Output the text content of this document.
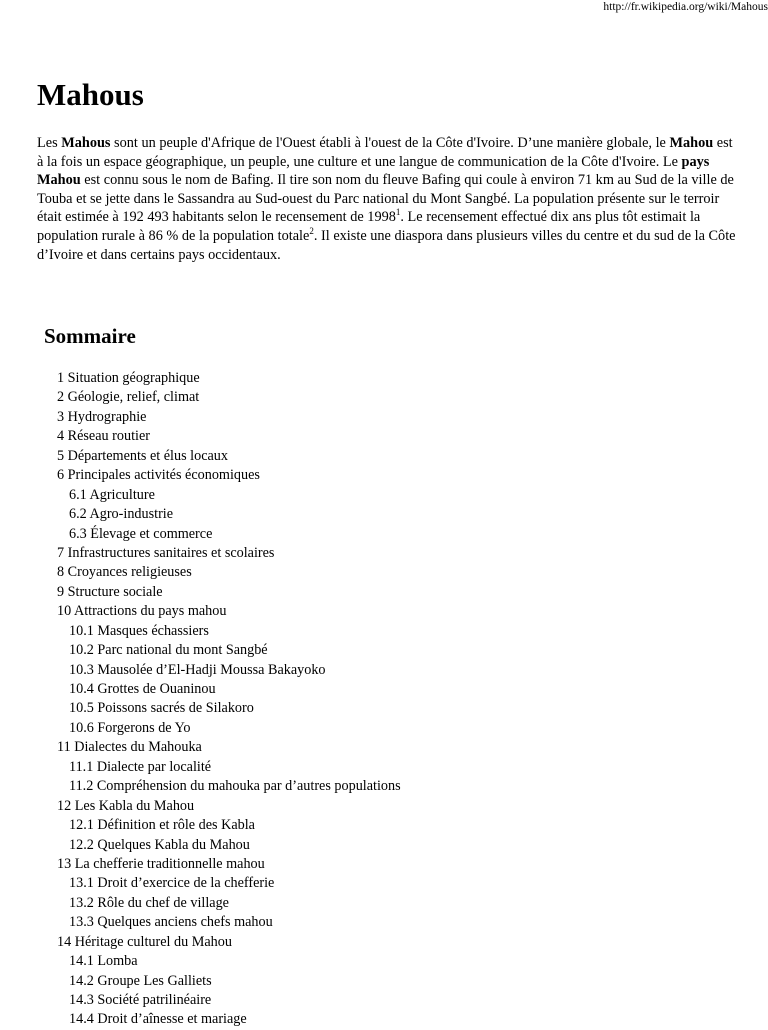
http://fr.wikipedia.org/wiki/Mahous
Mahous

Les Mahous sont un peuple d'Afrique de l'Ouest établi à l'ouest de la Côte d'Ivoire. D’une manière globale, le Mahou est à la fois un espace géographique, un peuple, une culture et une langue de communication de la Côte d'Ivoire. Le pays Mahou est connu sous le nom de Bafing. Il tire son nom du fleuve Bafing qui coule à environ 71 km au Sud de la ville de Touba et se jette dans le Sassandra au Sud-ouest du Parc national du Mont Sangbé. La population présente sur le terroir était estimée à 192 493 habitants selon le recensement de 1998$^1$. Le recensement effectué dix ans plus tôt estimait la population rurale à 86 % de la population totale$^2$. Il existe une diaspora dans plusieurs villes du centre et du sud de la Côte d’Ivoire et dans certains pays occidentaux.

Sommaire
1 Situation géographique
2 Géologie, relief, climat
3 Hydrographie
4 Réseau routier
5 Départements et élus locaux
6 Principales activités économiques
6.1 Agriculture
6.2 Agro-industrie
6.3 Élevage et commerce
7 Infrastructures sanitaires et scolaires
8 Croyances religieuses
9 Structure sociale
10 Attractions du pays mahou
10.1 Masques échassiers
10.2 Parc national du mont Sangbé
10.3 Mausolée d’El-Hadji Moussa Bakayoko
10.4 Grottes de Ouaninou
10.5 Poissons sacrés de Silakoro
10.6 Forgerons de Yo
11 Dialectes du Mahouka
11.1 Dialecte par localité
11.2 Compréhension du mahouka par d’autres populations
12 Les Kabla du Mahou
12.1 Définition et rôle des Kabla
12.2 Quelques Kabla du Mahou
13 La chefferie traditionnelle mahou
13.1 Droit d’exercice de la chefferie
13.2 Rôle du chef de village
13.3 Quelques anciens chefs mahou
14 Héritage culturel du Mahou
14.1 Lomba
14.2 Groupe Les Galliets
14.3 Société patrilinéaire
14.4 Droit d’aînesse et mariage
